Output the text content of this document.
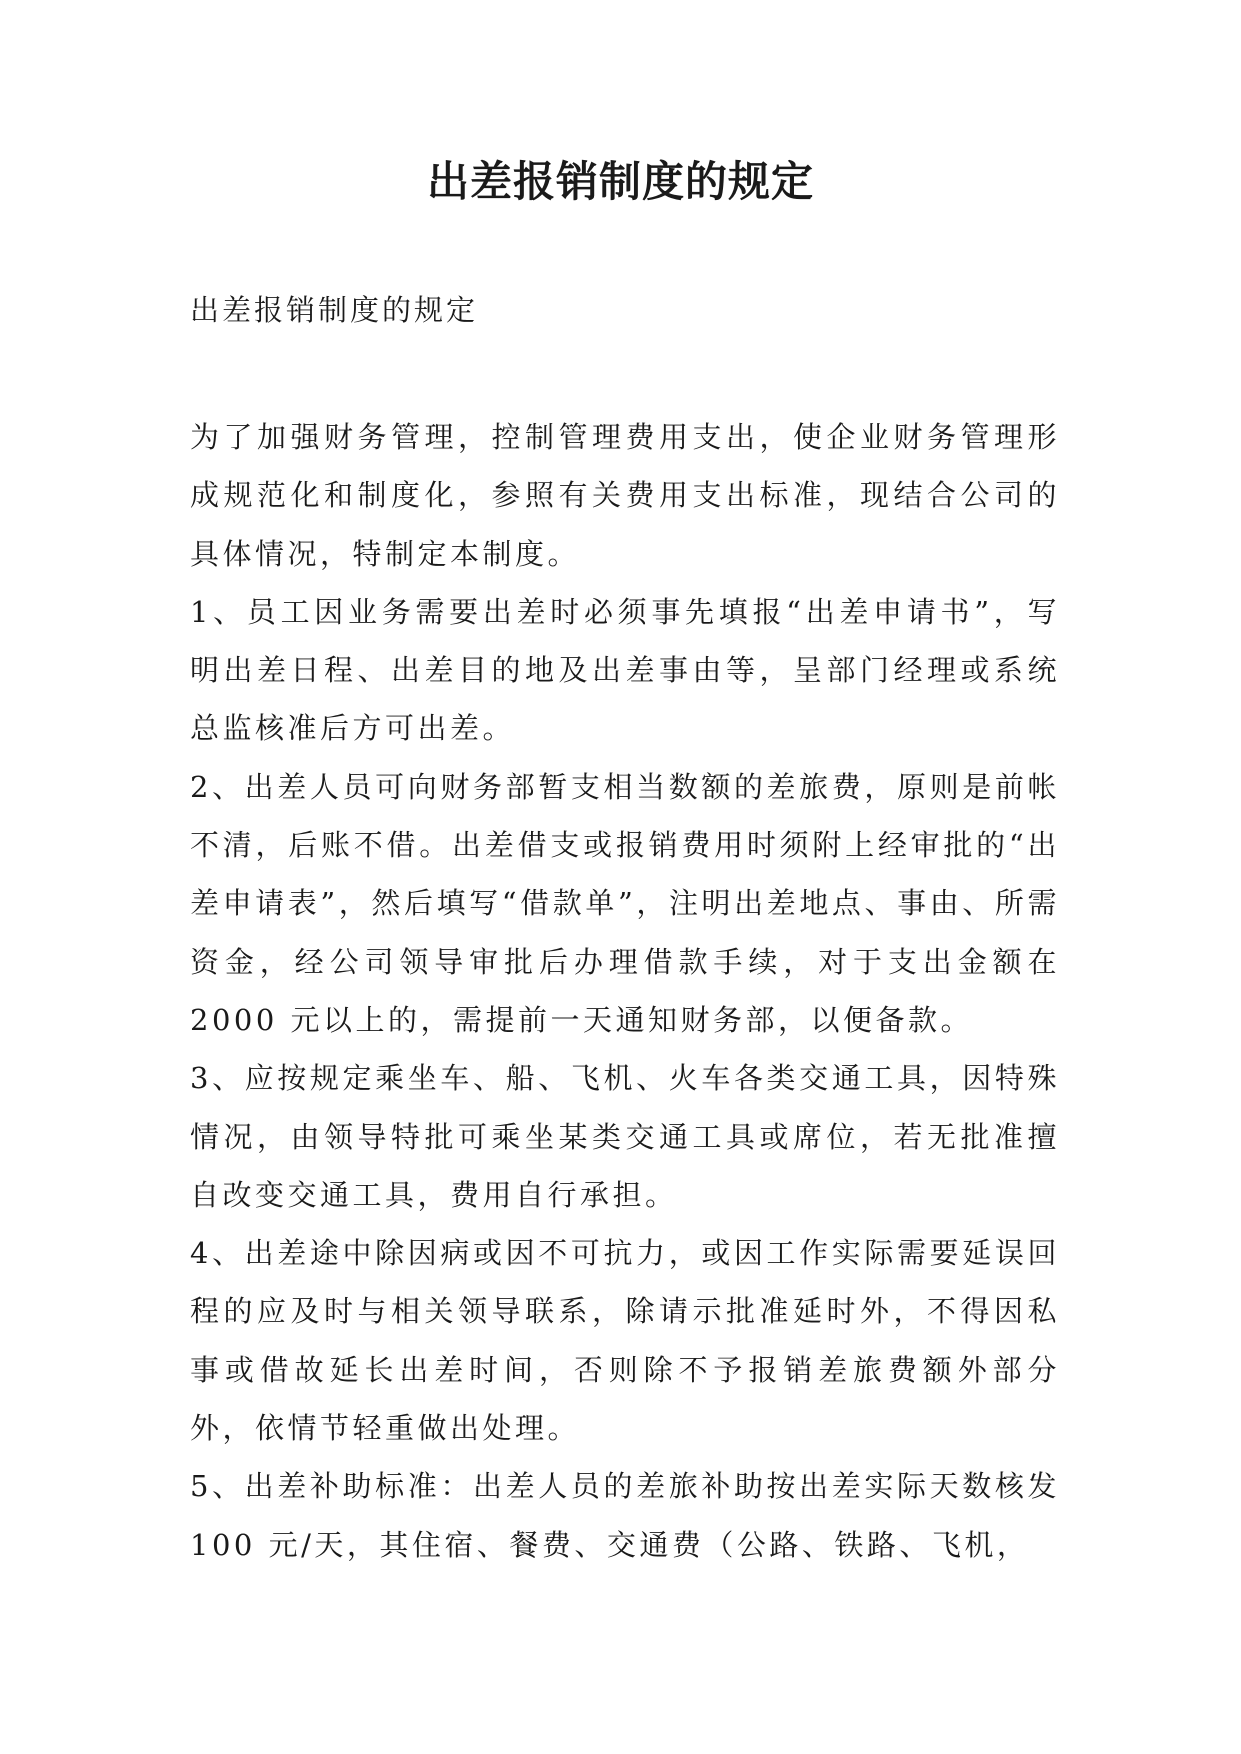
出差报销制度的规定

出差报销制度的规定

为了加强财务管理，控制管理费用支出，使企业财务管理形成规范化和制度化，参照有关费用支出标准，现结合公司的具体情况，特制定本制度。

1、员工因业务需要出差时必须事先填报“出差申请书”，写明出差日程、出差目的地及出差事由等，呈部门经理或系统总监核准后方可出差。

2、出差人员可向财务部暂支相当数额的差旅费，原则是前帐不清，后账不借。出差借支或报销费用时须附上经审批的“出差申请表”，然后填写“借款单”，注明出差地点、事由、所需资金，经公司领导审批后办理借款手续，对于支出金额在 2000 元以上的，需提前一天通知财务部，以便备款。

3、应按规定乘坐车、船、飞机、火车各类交通工具，因特殊情况，由领导特批可乘坐某类交通工具或席位，若无批准擅自改变交通工具，费用自行承担。

4、出差途中除因病或因不可抗力，或因工作实际需要延误回程的应及时与相关领导联系，除请示批准延时外，不得因私事或借故延长出差时间，否则除不予报销差旅费额外部分外，依情节轻重做出处理。

5、出差补助标准：出差人员的差旅补助按出差实际天数核发 100 元/天，其住宿、餐费、交通费（公路、铁路、飞机，
